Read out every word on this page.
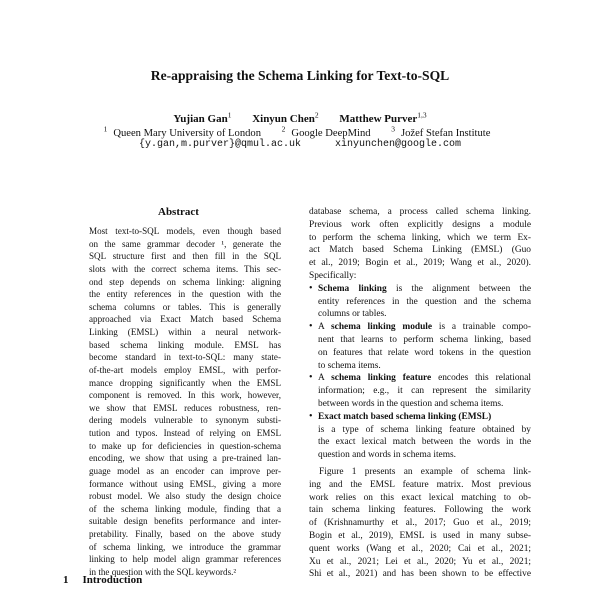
Re-appraising the Schema Linking for Text-to-SQL
Yujian Gan$^1$ Xinyun Chen$^2$ Matthew Purver$^{1,3}$
$^1$ Queen Mary University of London	$^2$ Google DeepMind	$^3$ Jožef Stefan Institute
{y.gan,m.purver}@qmul.ac.uk	xinyunchen@google.com
Abstract
Most text-to-SQL models, even though based
on the same grammar decoder ¹, generate the
SQL structure first and then fill in the SQL
slots with the correct schema items. This sec-
ond step depends on schema linking: aligning
the entity references in the question with the
schema columns or tables. This is generally
approached via Exact Match based Schema
Linking (EMSL) within a neural network-
based schema linking module. EMSL has
become standard in text-to-SQL: many state-
of-the-art models employ EMSL, with perfor-
mance dropping significantly when the EMSL
component is removed. In this work, however,
we show that EMSL reduces robustness, ren-
dering models vulnerable to synonym substi-
tution and typos. Instead of relying on EMSL
to make up for deficiencies in question-schema
encoding, we show that using a pre-trained lan-
guage model as an encoder can improve per-
formance without using EMSL, giving a more
robust model. We also study the design choice
of the schema linking module, finding that a
suitable design benefits performance and inter-
pretability. Finally, based on the above study
of schema linking, we introduce the grammar
linking to help model align grammar references
in the question with the SQL keywords.²
1 Introduction
database schema, a process called schema linking.
Previous work often explicitly designs a module
to perform the schema linking, which we term Ex-
act Match based Schema Linking (EMSL) (Guo
et al., 2019; Bogin et al., 2019; Wang et al., 2020).
Specifically:
• Schema linking is the alignment between the
entity references in the question and the schema
columns or tables.
• A schema linking module is a trainable compo-
nent that learns to perform schema linking, based
on features that relate word tokens in the question
to schema items.
• A schema linking feature encodes this relational
information; e.g., it can represent the similarity
between words in the question and schema items.
• Exact match based schema linking (EMSL)
is a type of schema linking feature obtained by
the exact lexical match between the words in the
question and words in schema items.
Figure 1 presents an example of schema link-
ing and the EMSL feature matrix. Most previous
work relies on this exact lexical matching to ob-
tain schema linking features. Following the work
of (Krishnamurthy et al., 2017; Guo et al., 2019;
Bogin et al., 2019), EMSL is used in many subse-
quent works (Wang et al., 2020; Cai et al., 2021;
Xu et al., 2021; Lei et al., 2020; Yu et al., 2021;
Shi et al., 2021) and has been shown to be effective
